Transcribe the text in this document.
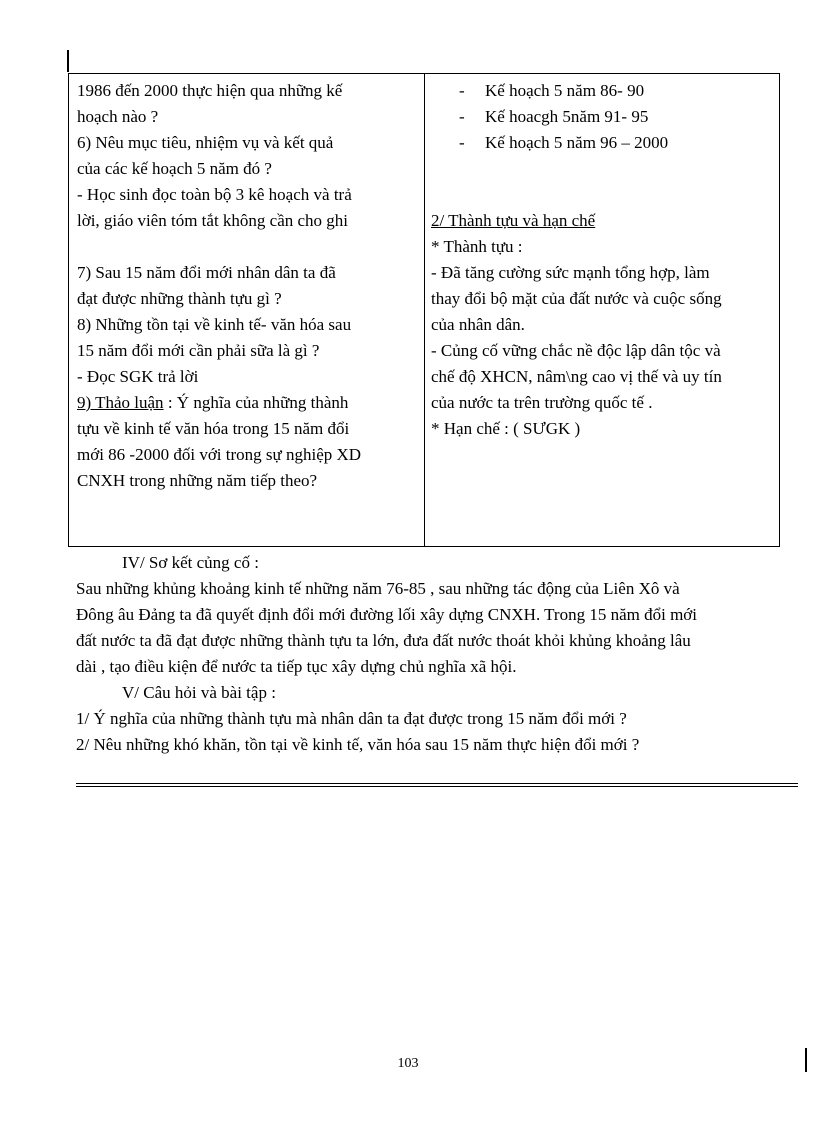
1986 đến 2000 thực hiện qua những kế
hoạch nào ?
6) Nêu mục tiêu, nhiệm vụ và kết quả
của các kế hoạch 5 năm đó ?
- Học sinh đọc toàn bộ 3 kê hoạch và trả
lời, giáo viên tóm tắt không cần cho ghi
7) Sau 15 năm đổi mới nhân dân ta đã
đạt được những thành tựu gì ?
8) Những tồn tại về kinh tế- văn hóa sau
15 năm đổi mới cần phải sữa là gì ?
- Đọc SGK trả lời
9) Thảo luận : Ý nghĩa của những thành
tựu về kinh tế văn hóa trong 15 năm đổi
mới 86 -2000 đối với trong sự nghiệp XD
CNXH trong những năm tiếp theo?
- Kế hoạch 5 năm 86- 90
- Kế hoacgh 5năm 91- 95
- Kế hoạch 5 năm 96 – 2000
2/ Thành tựu và hạn chế
* Thành tựu :
- Đã tăng cường sức mạnh tổng hợp, làm
thay đổi bộ mặt của đất nước và cuộc sống
của nhân dân.
- Củng cố vững chắc nề độc lập dân tộc và
chế độ XHCN, nâm\ng cao vị thế và uy tín
của nước ta trên trường quốc tế .
* Hạn chế : ( SƯGK )
IV/ Sơ kết củng cố :
Sau những khủng khoảng kinh tế những năm 76-85 , sau những tác động của Liên Xô và
Đông âu Đảng ta đã quyết định đổi mới đường lối xây dựng CNXH. Trong 15 năm đổi mới
đất nước ta đã đạt được những thành tựu ta lớn, đưa đất nước thoát khỏi khủng khoảng lâu
dài , tạo điều kiện để nước ta tiếp tục xây dựng chủ nghĩa xã hội.
V/ Câu hỏi và bài tập :
1/ Ý nghĩa của những thành tựu mà nhân dân ta đạt được trong 15 năm đổi mới ?
2/ Nêu những khó khăn, tồn tại về kinh tế, văn hóa sau 15 năm thực hiện đổi mới ?
103
